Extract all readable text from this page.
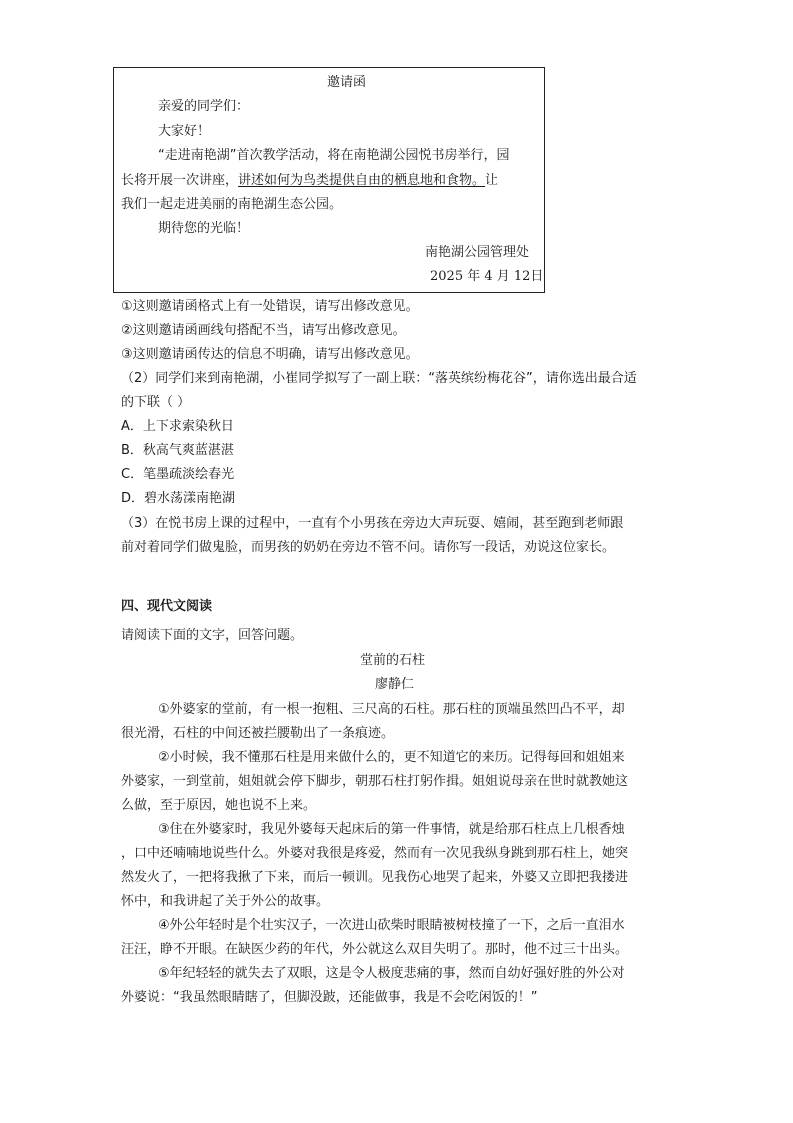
邀请函
亲爱的同学们：
大家好！
“走进南艳湖”首次教学活动，将在南艳湖公园悦书房举行，园
长将开展一次讲座，讲述如何为鸟类提供自由的栖息地和食物。让
我们一起走进美丽的南艳湖生态公园。
期待您的光临！
南艳湖公园管理处
2025 年 4 月 12日
①这则邀请函格式上有一处错误，请写出修改意见。
②这则邀请函画线句搭配不当，请写出修改意见。
③这则邀请函传达的信息不明确，请写出修改意见。
（2）同学们来到南艳湖，小崔同学拟写了一副上联：“落英缤纷梅花谷”，请你选出最合适
的下联（ ）
A．上下求索染秋日
B．秋高气爽蓝湛湛
C．笔墨疏淡绘春光
D．碧水荡漾南艳湖
（3）在悦书房上课的过程中，一直有个小男孩在旁边大声玩耍、嬉闹，甚至跑到老师跟
前对着同学们做鬼脸，而男孩的奶奶在旁边不管不问。请你写一段话，劝说这位家长。
四、现代文阅读
请阅读下面的文字，回答问题。
堂前的石柱
廖静仁
①外婆家的堂前，有一根一抱粗、三尺高的石柱。那石柱的顶端虽然凹凸不平，却
很光滑，石柱的中间还被拦腰勒出了一条痕迹。
②小时候，我不懂那石柱是用来做什么的，更不知道它的来历。记得每回和姐姐来
外婆家，一到堂前，姐姐就会停下脚步，朝那石柱打躬作揖。姐姐说母亲在世时就教她这
么做，至于原因，她也说不上来。
③住在外婆家时，我见外婆每天起床后的第一件事情，就是给那石柱点上几根香烛
，口中还喃喃地说些什么。外婆对我很是疼爱，然而有一次见我纵身跳到那石柱上，她突
然发火了，一把将我揪了下来，而后一顿训。见我伤心地哭了起来，外婆又立即把我搂进
怀中，和我讲起了关于外公的故事。
④外公年轻时是个壮实汉子，一次进山砍柴时眼睛被树枝撞了一下，之后一直泪水
汪汪，睁不开眼。在缺医少药的年代，外公就这么双目失明了。那时，他不过三十出头。
⑤年纪轻轻的就失去了双眼，这是令人极度悲痛的事，然而自幼好强好胜的外公对
外婆说：“我虽然眼睛瞎了，但脚没跛，还能做事，我是不会吃闲饭的！”
